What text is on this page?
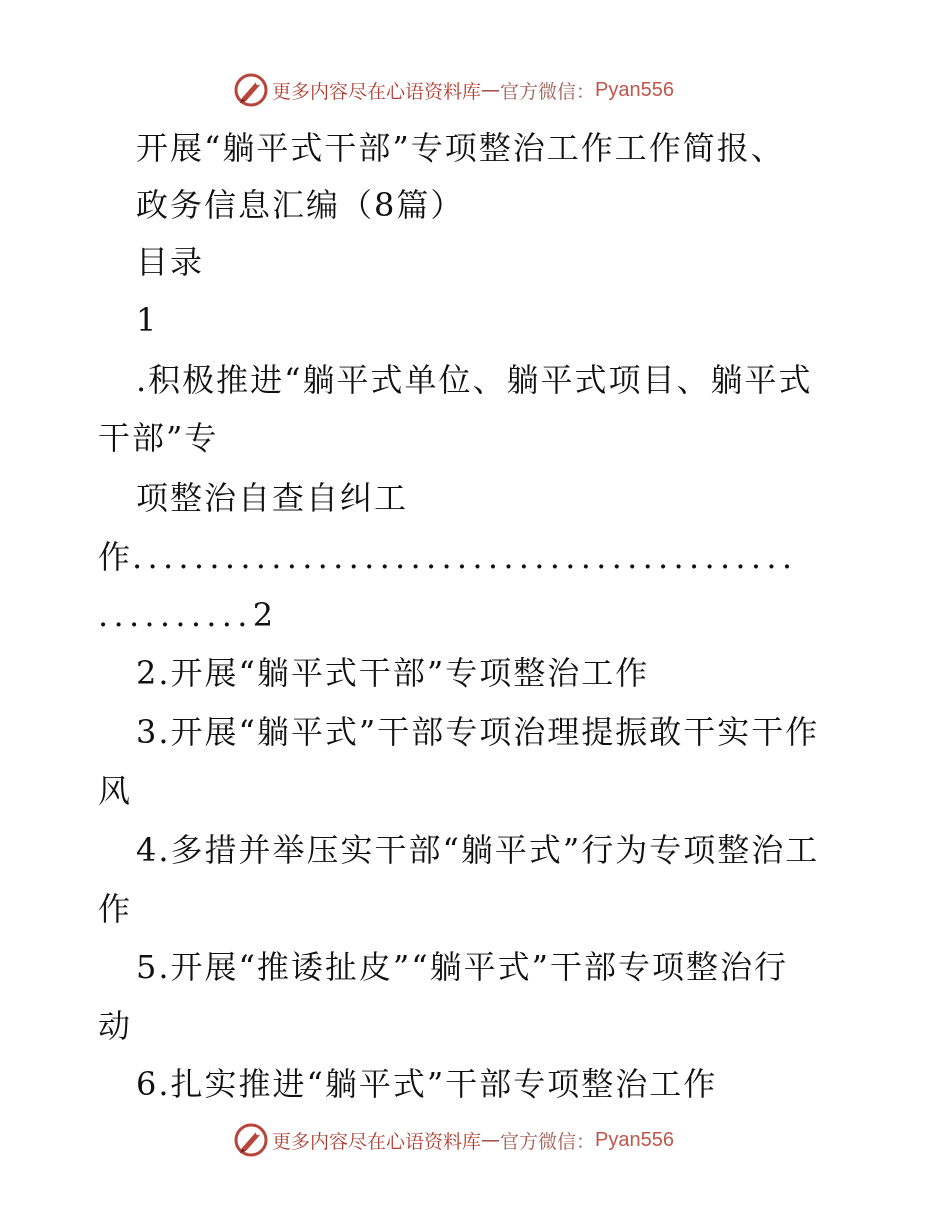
更多内容尽在心语资料库 — 官方微信： Pyan556
开展“躺平式干部”专项整治工作工作简报、
政务信息汇编（8篇）
目录
1
.积极推进“躺平式单位、躺平式项目、躺平式
干部”专
项整治自查自纠工
作...........................................
..........2
2.开展“躺平式干部”专项整治工作
3.开展“躺平式”干部专项治理提振敢干实干作
风
4.多措并举压实干部“躺平式”行为专项整治工
作
5.开展“推诿扯皮”“躺平式”干部专项整治行
动
6.扎实推进“躺平式”干部专项整治工作
更多内容尽在心语资料库 — 官方微信： Pyan556
